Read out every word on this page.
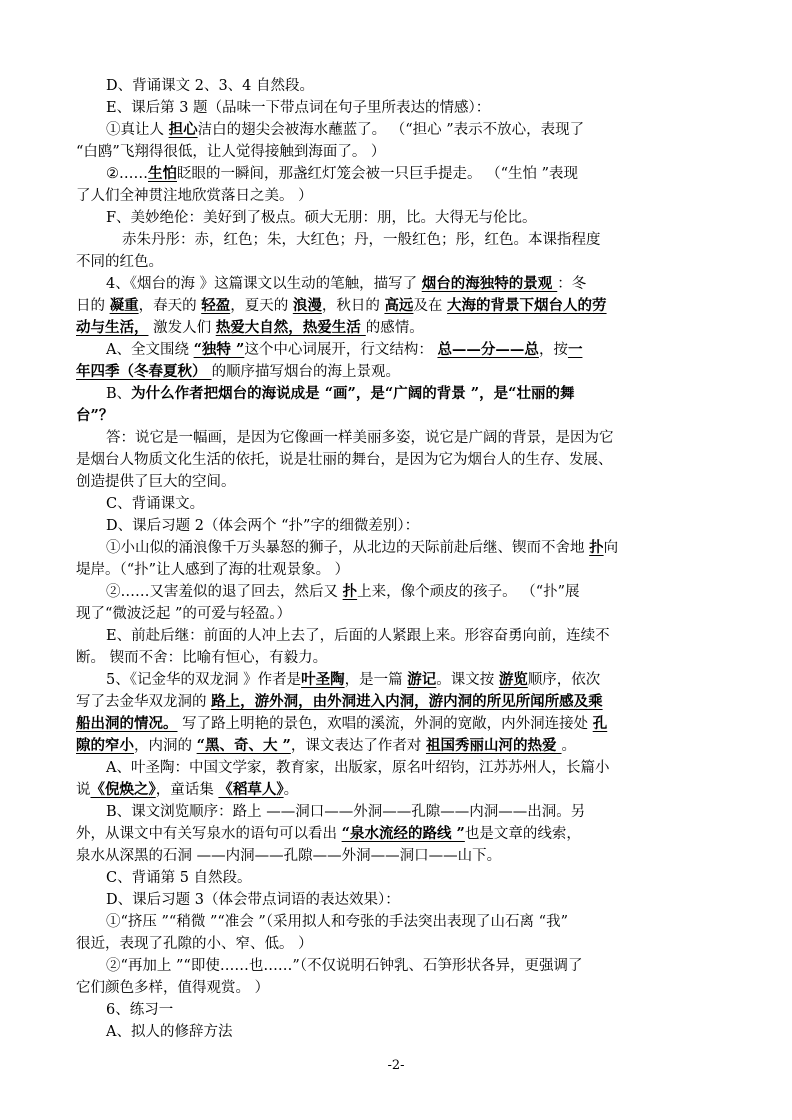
D、背诵课文 2、3、4 自然段。
E、课后第 3 题（品味一下带点词在句子里所表达的情感）：
①真让人 担心洁白的翅尖会被海水蘸蓝了。 （“担心 ”表示不放心，表现了
“白鸥”飞翔得很低，让人觉得接触到海面了。 ）
②……生怕眨眼的一瞬间，那盏红灯笼会被一只巨手提走。 （“生怕 ”表现
了人们全神贯注地欣赏落日之美。 ）
F、美妙绝伦：美好到了极点。硕大无朋：朋，比。大得无与伦比。
赤朱丹彤：赤，红色；朱，大红色；丹，一般红色；彤，红色。本课指程度
不同的红色。
4、《烟台的海 》这篇课文以生动的笔触，描写了 烟台的海独特的景观 ：冬
日的 凝重，春天的 轻盈，夏天的 浪漫，秋日的 高远及在 大海的背景下烟台人的劳
动与生活， 激发人们 热爱大自然，热爱生活 的感情。
A、全文围绕 “独特 ”这个中心词展开，行文结构： 总——分——总，按一
年四季（冬春夏秋） 的顺序描写烟台的海上景观。
B、为什么作者把烟台的海说成是 “画”，是“广阔的背景 ”，是“壮丽的舞
台”？
答：说它是一幅画，是因为它像画一样美丽多姿，说它是广阔的背景，是因为它
是烟台人物质文化生活的依托，说是壮丽的舞台，是因为它为烟台人的生存、发展、
创造提供了巨大的空间。
C、背诵课文。
D、课后习题 2（体会两个 “扑”字的细微差别）：
①小山似的涌浪像千万头暴怒的狮子，从北边的天际前赴后继、锲而不舍地 扑向
堤岸。（“扑”让人感到了海的壮观景象。 ）
②……又害羞似的退了回去，然后又 扑上来，像个顽皮的孩子。 （“扑”展
现了“微波泛起 ”的可爱与轻盈。）
E、前赴后继：前面的人冲上去了，后面的人紧跟上来。形容奋勇向前，连续不
断。 锲而不舍：比喻有恒心，有毅力。
5、《记金华的双龙洞 》作者是叶圣陶，是一篇 游记。课文按 游览顺序，依次
写了去金华双龙洞的 路上，游外洞，由外洞进入内洞，游内洞的所见所闻所感及乘
船出洞的情况。 写了路上明艳的景色，欢唱的溪流，外洞的宽敞，内外洞连接处 孔
隙的窄小，内洞的 “黑、奇、大 ”，课文表达了作者对 祖国秀丽山河的热爱 。
A、叶圣陶：中国文学家，教育家，出版家，原名叶绍钧，江苏苏州人，长篇小
说《倪焕之》，童话集 《稻草人》。
B、课文浏览顺序：路上 ——洞口——外洞——孔隙——内洞——出洞。另
外，从课文中有关写泉水的语句可以看出 “泉水流经的路线 ”也是文章的线索，
泉水从深黑的石洞 ——内洞——孔隙——外洞——洞口——山下。
C、背诵第 5 自然段。
D、课后习题 3（体会带点词语的表达效果）：
①“挤压 ”“稍微 ”“准会 ”（采用拟人和夸张的手法突出表现了山石离 “我”
很近，表现了孔隙的小、窄、低。 ）
②“再加上 ”“即使……也……”（不仅说明石钟乳、石笋形状各异，更强调了
它们颜色多样，值得观赏。 ）
6、练习一
A、拟人的修辞方法
-2-
